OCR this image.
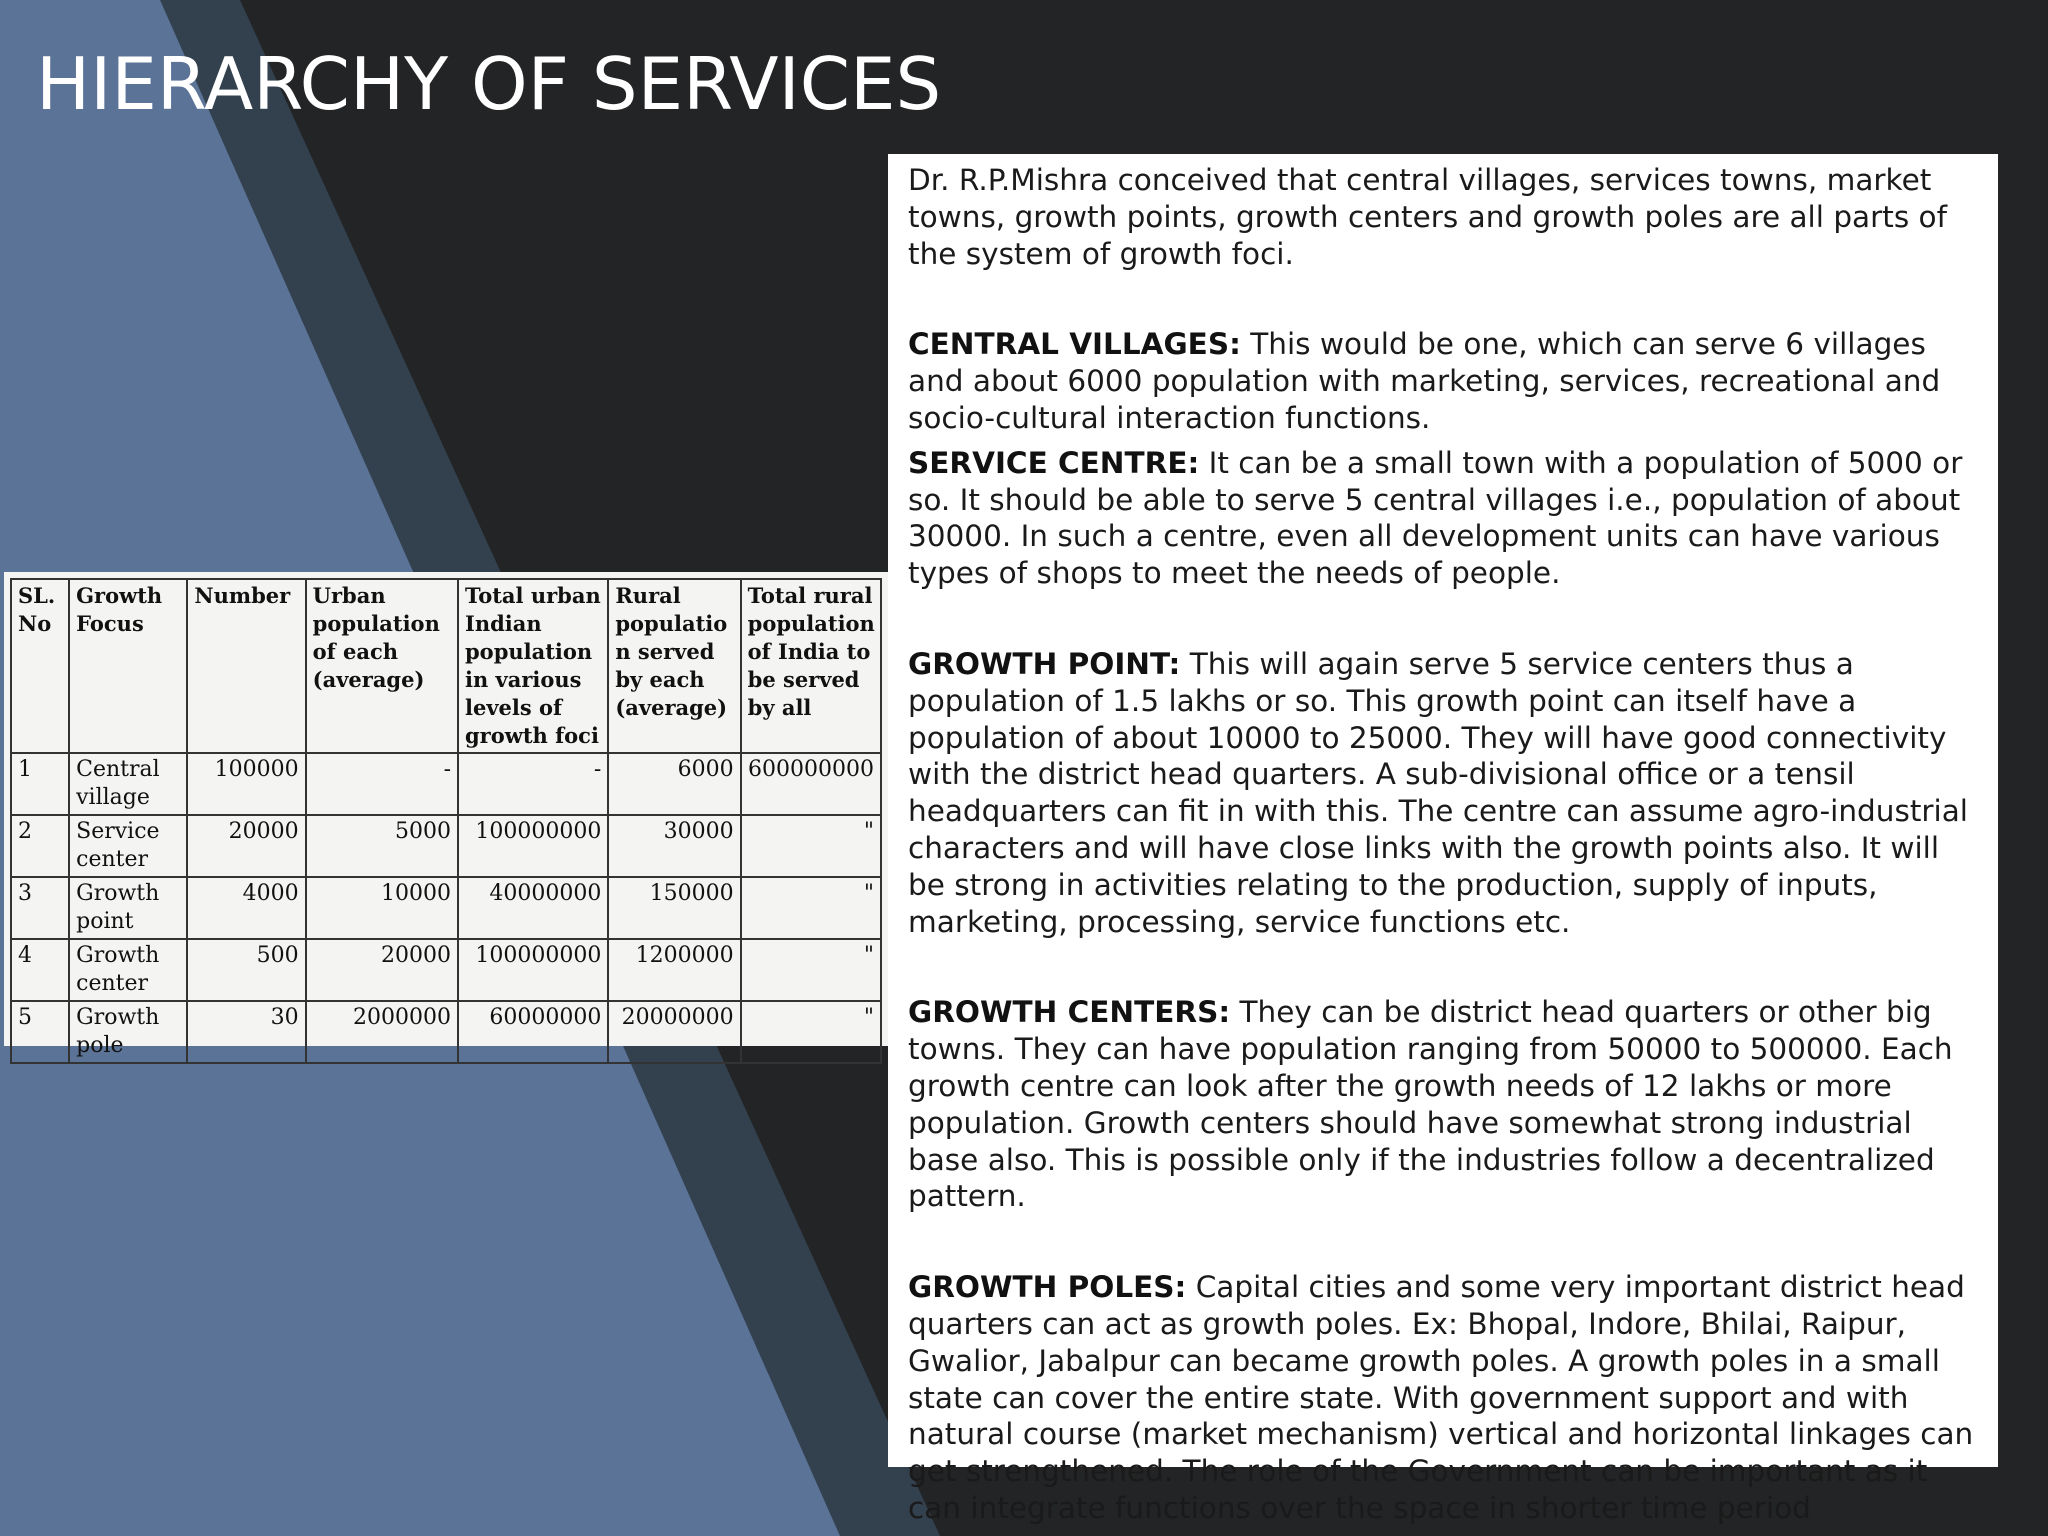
HIERARCHY OF SERVICES
SL. No	Growth Focus	Number	Urban population of each (average)	Total urban Indian population in various levels of growth foci	Rural populatio n served by each (average)	Total rural population of India to be served by all
1	Central village	100000	-	-	6000	600000000
2	Service center	20000	5000	100000000	30000	"
3	Growth point	4000	10000	40000000	150000	"
4	Growth center	500	20000	100000000	1200000	"
5	Growth pole	30	2000000	60000000	20000000	"

Dr. R.P.Mishra conceived that central villages, services towns, market towns, growth points, growth centers and growth poles are all parts of the system of growth foci.

CENTRAL VILLAGES: This would be one, which can serve 6 villages and about 6000 population with marketing, services, recreational and socio-cultural interaction functions.

SERVICE CENTRE: It can be a small town with a population of 5000 or so. It should be able to serve 5 central villages i.e., population of about 30000. In such a centre, even all development units can have various types of shops to meet the needs of people.

GROWTH POINT: This will again serve 5 service centers thus a population of 1.5 lakhs or so. This growth point can itself have a population of about 10000 to 25000. They will have good connectivity with the district head quarters. A sub-divisional office or a tensil headquarters can fit in with this. The centre can assume agro-industrial characters and will have close links with the growth points also. It will be strong in activities relating to the production, supply of inputs, marketing, processing, service functions etc.

GROWTH CENTERS: They can be district head quarters or other big towns. They can have population ranging from 50000 to 500000. Each growth centre can look after the growth needs of 12 lakhs or more population. Growth centers should have somewhat strong industrial base also. This is possible only if the industries follow a decentralized pattern.

GROWTH POLES: Capital cities and some very important district head quarters can act as growth poles. Ex: Bhopal, Indore, Bhilai, Raipur, Gwalior, Jabalpur can became growth poles. A growth poles in a small state can cover the entire state. With government support and with natural course (market mechanism) vertical and horizontal linkages can get strengthened. The role of the Government can be important as it can integrate functions over the space in shorter time period
